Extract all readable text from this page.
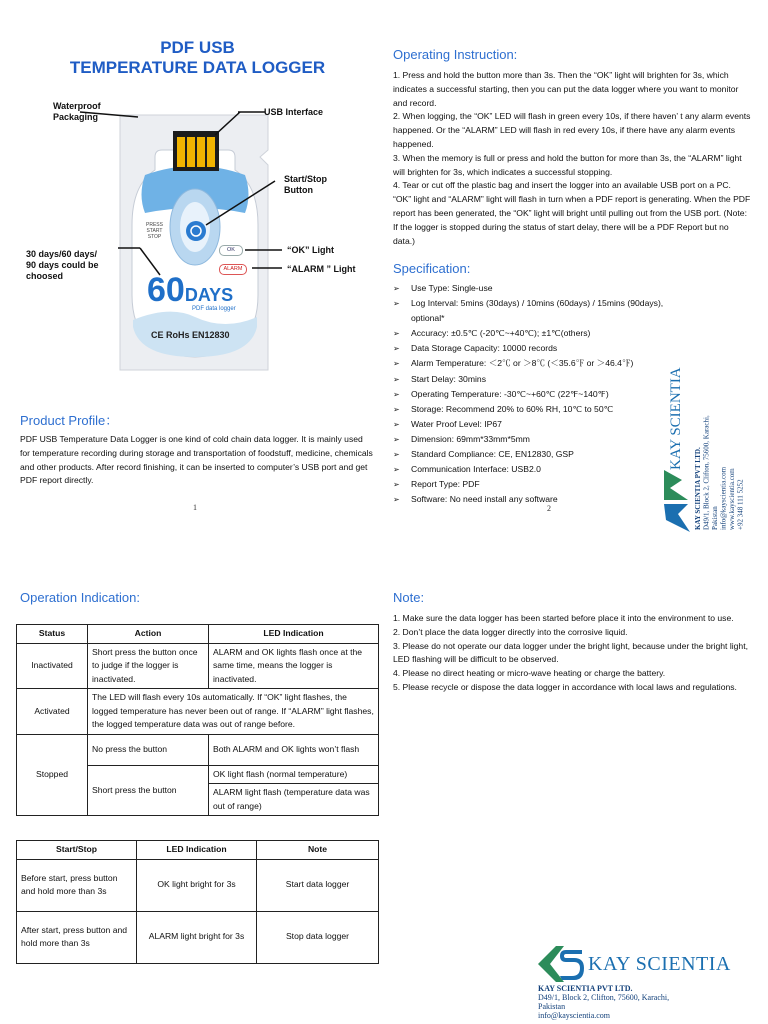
PDF USB
TEMPERATURE DATA LOGGER
Waterproof
Packaging	USB Interface
Start/Stop
Button
30 days/60 days/
90 days could be
choosed
“OK” Light
“ALARM ” Light
PRESS
START
STOP
OK
ALARM
60DAYS
PDF data logger
CE RoHs EN12830
Product Profile：
PDF USB Temperature Data Logger is one kind of cold chain data logger. It is mainly used for temperature recording during storage and transportation of foodstuff, medicine, chemicals and other products. After record finishing, it can be inserted to computer’s USB port and get PDF report directly.
1
Operating Instruction:
1. Press and hold the button more than 3s. Then the “OK” light will brighten for 3s, which indicates a successful starting, then you can put the data logger where you want to monitor and record.
2. When logging, the “OK” LED will flash in green every 10s, if there haven’ t any alarm events happened. Or the “ALARM” LED will flash in red every 10s, if there have any alarm events happened.
3. When the memory is full or press and hold the button for more than 3s, the “ALARM” light will brighten for 3s, which indicates a successful stopping.
4. Tear or cut off the plastic bag and insert the logger into an available USB port on a PC. “OK” light and “ALARM” light will flash in turn when a PDF report is generating. When the PDF report has been generated, the “OK” light will bright until pulling out from the USB port. (Note: If the logger is stopped during the status of start delay, there will be a PDF Report but no data.)
Specification:
➢ Use Type: Single-use
➢ Log Interval: 5mins (30days) / 10mins (60days) / 15mins (90days), optional*
➢ Accuracy: ±0.5℃ (-20℃~+40℃); ±1℃(others)
➢ Data Storage Capacity: 10000 records
➢ Alarm Temperature: ＜2℃ or ＞8℃ (＜35.6℉ or ＞46.4℉)
➢ Start Delay: 30mins
➢ Operating Temperature: -30℃~+60℃ (22℉~140℉)
➢ Storage: Recommend 20% to 60% RH, 10℃ to 50℃
➢ Water Proof Level: IP67
➢ Dimension: 69mm*33mm*5mm
➢ Standard Compliance: CE, EN12830, GSP
➢ Communication Interface: USB2.0
➢ Report Type: PDF
➢ Software: No need install any software
2
KAY SCIENTIA
KAY SCIENTIA PVT LTD. D49/1, Block 2, Clifton, 75600, Karachi, Pakistan info@kayscientia.com www.kayscientia.com +92 348 111 5252
Operation Indication:
Status	Action	LED Indication
Inactivated	Short press the button once to judge if the logger is inactivated.	ALARM and OK lights flash once at the same time, means the logger is inactivated.
Activated	The LED will flash every 10s automatically. If “OK” light flashes, the logged temperature has never been out of range. If “ALARM” light flashes, the logged temperature data was out of range before.	
Stopped	No press the button	Both ALARM and OK lights won’t flash
	Short press the button	OK light flash (normal temperature)
		ALARM light flash (temperature data was out of range)
Start/Stop	LED Indication	Note
Before start, press button and hold more than 3s	OK light bright for 3s	Start data logger
After start, press button and hold more than 3s	ALARM light bright for 3s	Stop data logger
Note:
1. Make sure the data logger has been started before place it into the environment to use.
2. Don’t place the data logger directly into the corrosive liquid.
3. Please do not operate our data logger under the bright light, because under the bright light, LED flashing will be difficult to be observed.
4. Please no direct heating or micro-wave heating or charge the battery.
5. Please recycle or dispose the data logger in accordance with local laws and regulations.
KAY SCIENTIA
KAY SCIENTIA PVT LTD.
D49/1, Block 2, Clifton, 75600, Karachi,
Pakistan
info@kayscientia.com
